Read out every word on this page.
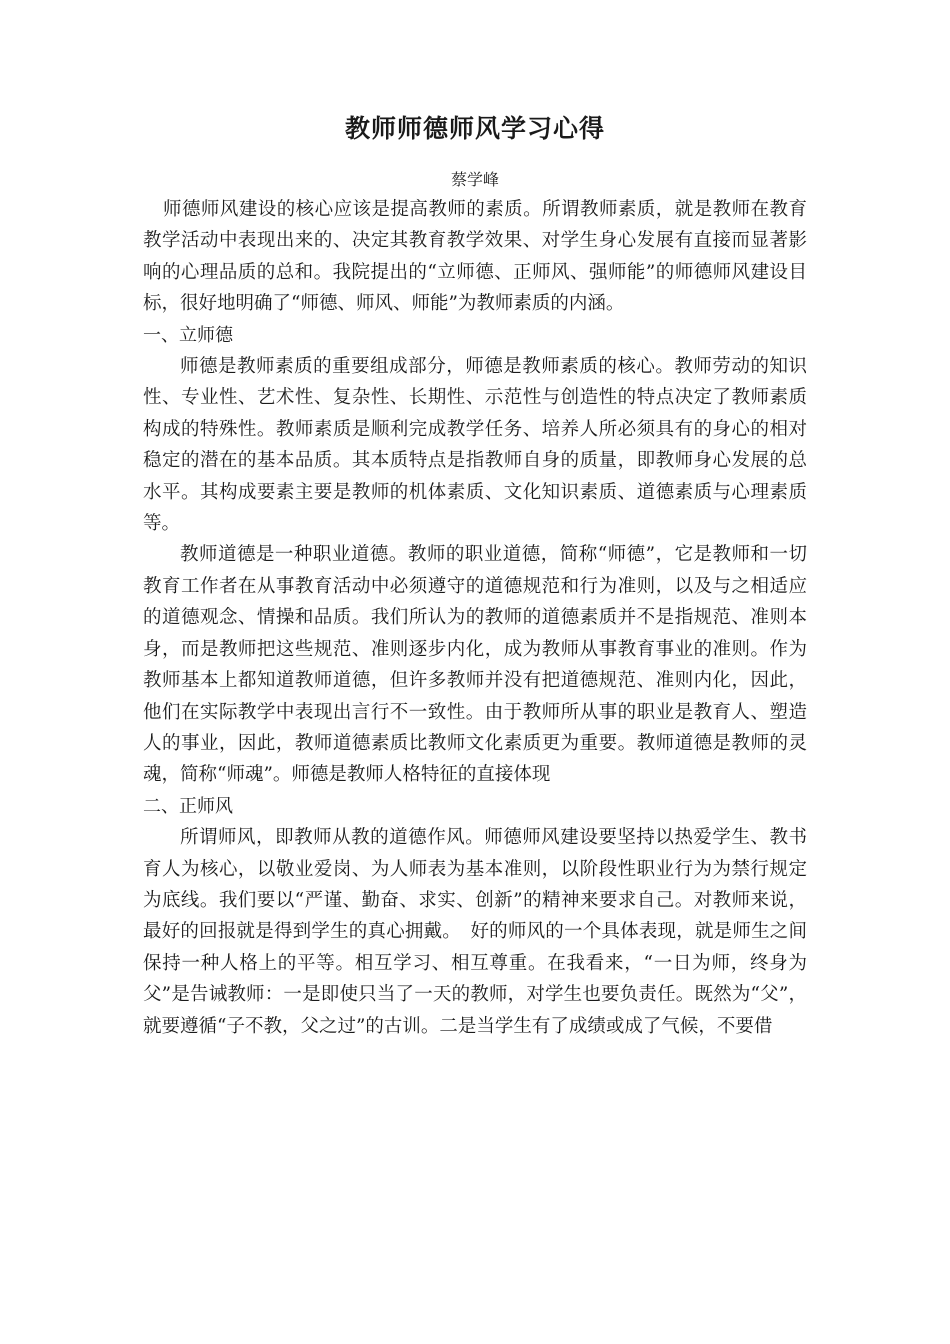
教师师德师风学习心得

蔡学峰

师德师风建设的核心应该是提高教师的素质。所谓教师素质，就是教师在教育教学活动中表现出来的、决定其教育教学效果、对学生身心发展有直接而显著影响的心理品质的总和。我院提出的“立师德、正师风、强师能”的师德师风建设目标，很好地明确了“师德、师风、师能”为教师素质的内涵。

一、立师德

师德是教师素质的重要组成部分，师德是教师素质的核心。教师劳动的知识性、专业性、艺术性、复杂性、长期性、示范性与创造性的特点决定了教师素质构成的特殊性。教师素质是顺利完成教学任务、培养人所必须具有的身心的相对稳定的潜在的基本品质。其本质特点是指教师自身的质量，即教师身心发展的总水平。其构成要素主要是教师的机体素质、文化知识素质、道德素质与心理素质等。

教师道德是一种职业道德。教师的职业道德，简称“师德”，它是教师和一切教育工作者在从事教育活动中必须遵守的道德规范和行为准则，以及与之相适应的道德观念、情操和品质。我们所认为的教师的道德素质并不是指规范、准则本身，而是教师把这些规范、准则逐步内化，成为教师从事教育事业的准则。作为教师基本上都知道教师道德，但许多教师并没有把道德规范、准则内化，因此，他们在实际教学中表现出言行不一致性。由于教师所从事的职业是教育人、塑造人的事业，因此，教师道德素质比教师文化素质更为重要。教师道德是教师的灵魂，简称“师魂”。师德是教师人格特征的直接体现

二、正师风

所谓师风，即教师从教的道德作风。师德师风建设要坚持以热爱学生、教书育人为核心，以敬业爱岗、为人师表为基本准则，以阶段性职业行为为禁行规定为底线。我们要以“严谨、勤奋、求实、创新”的精神来要求自己。对教师来说，最好的回报就是得到学生的真心拥戴。　好的师风的一个具体表现，就是师生之间保持一种人格上的平等。相互学习、相互尊重。在我看来，“一日为师，终身为父”是告诫教师：一是即使只当了一天的教师，对学生也要负责任。既然为“父”，就要遵循“子不教，父之过”的古训。二是当学生有了成绩或成了气候，不要借
